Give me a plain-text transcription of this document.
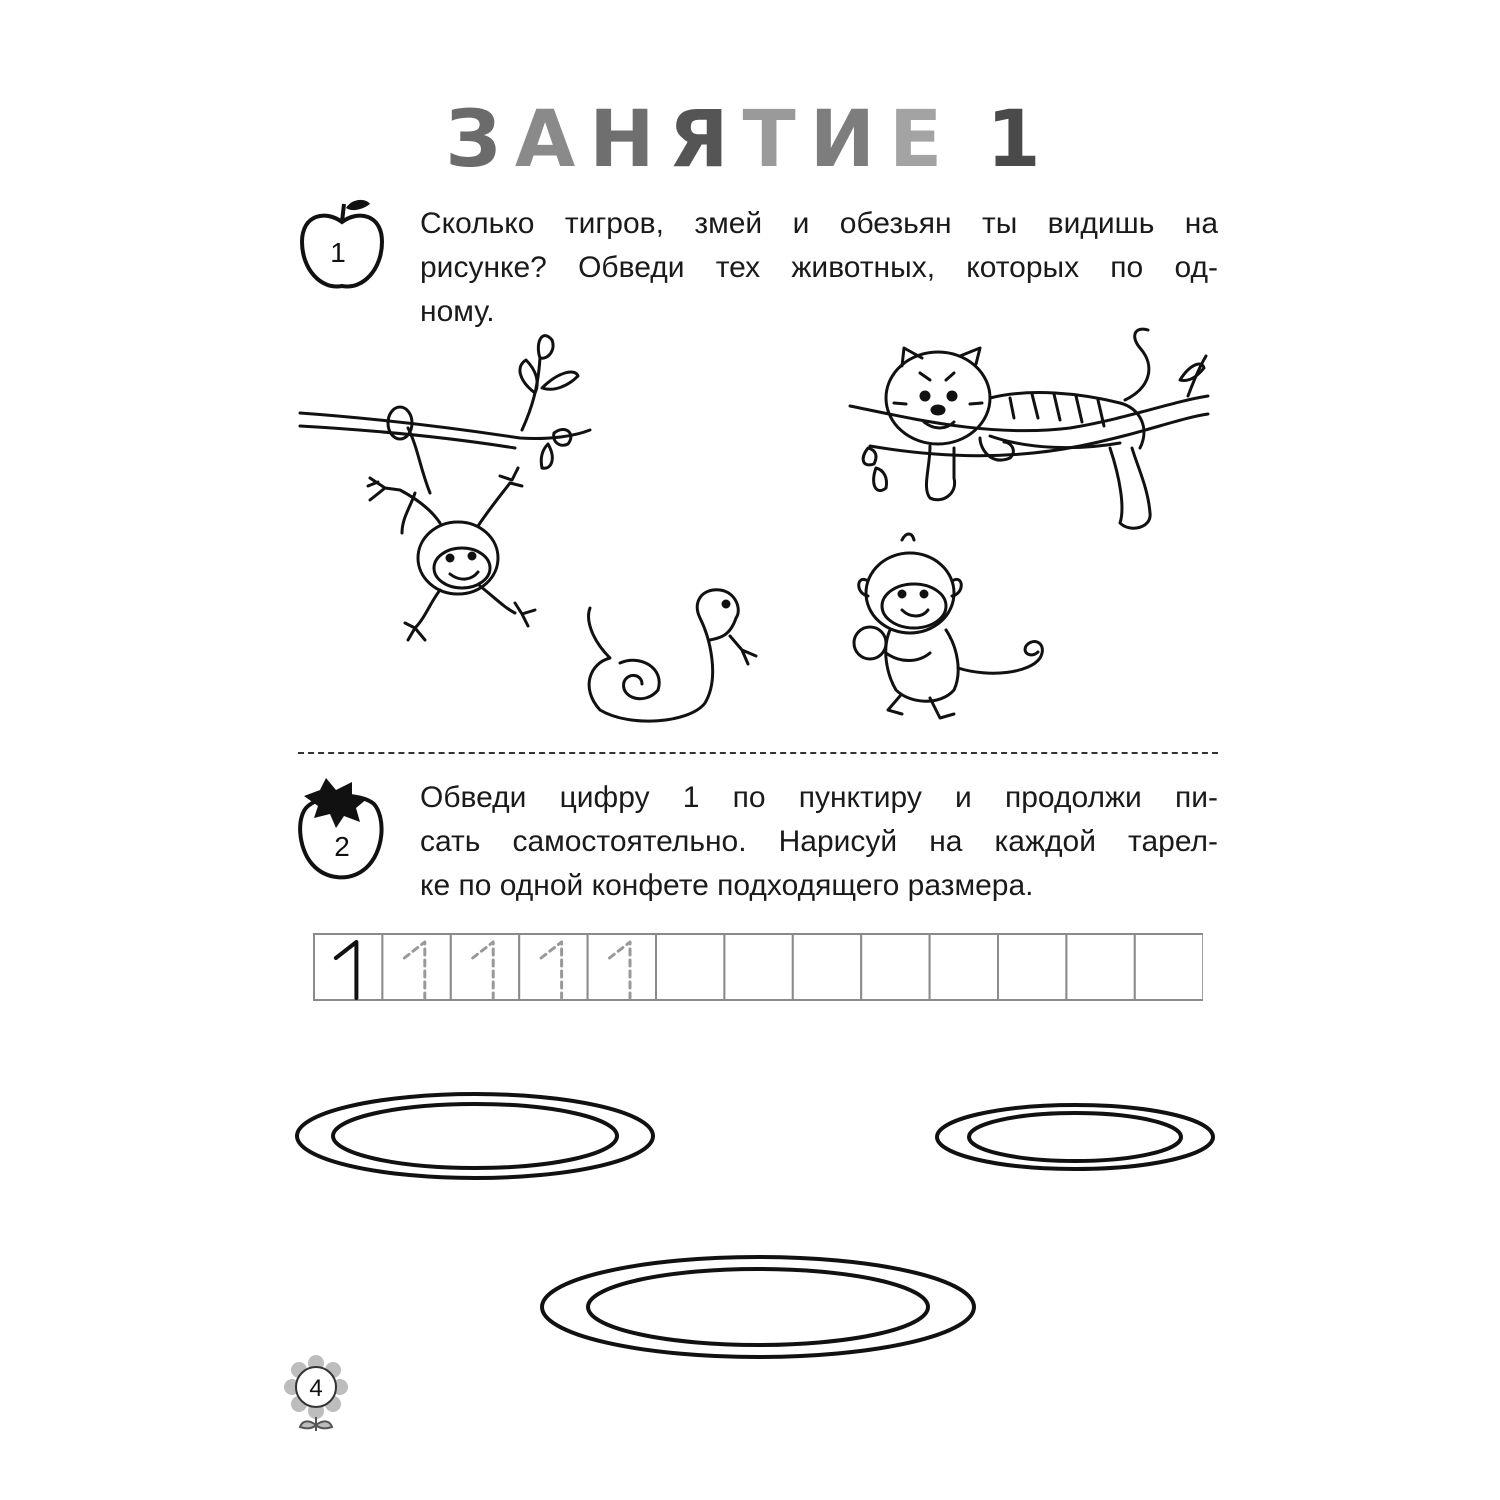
ЗАНЯТИЕ 1
1
Сколько тигров, змей и обезьян ты видишь на
рисунке? Обведи тех животных, которых по од-
ному.
2
Обведи цифру 1 по пунктиру и продолжи пи-
сать самостоятельно. Нарисуй на каждой тарел-
ке по одной конфете подходящего размера.
4
